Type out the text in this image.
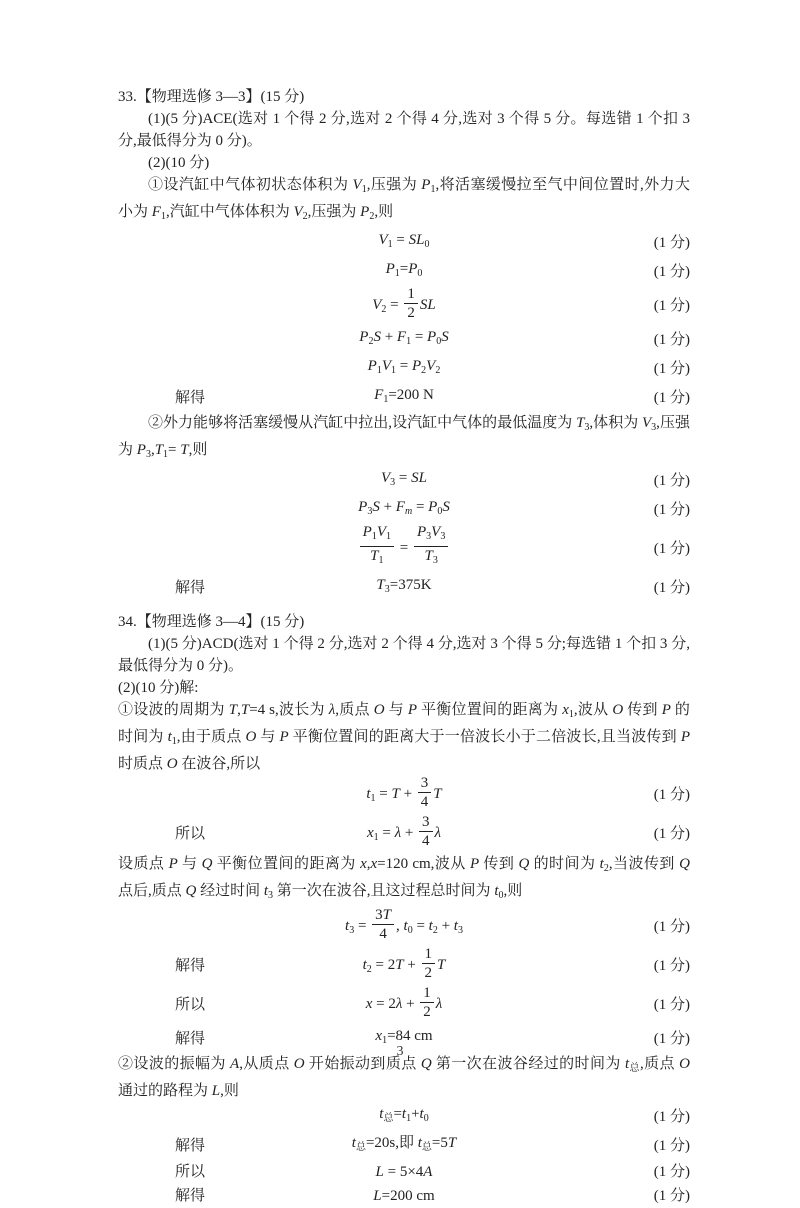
33.【物理选修 3—3】(15 分)
(1)(5 分)ACE(选对 1 个得 2 分,选对 2 个得 4 分,选对 3 个得 5 分。每选错 1 个扣 3 分,最低得分为 0 分)。
(2)(10 分)
①设汽缸中气体初状态体积为 $V_1$,压强为 $P_1$,将活塞缓慢拉至气中间位置时,外力大小为 $F_1$,汽缸中气体体积为 $V_2$,压强为 $P_2$,则
$V_1 = SL_0$	(1 分)
$P_1=P_0$	(1 分)
$V_2 = \frac{1}{2}$ SL	(1 分)
$P_2S + F_1 = P_0S$	(1 分)
$P_1V_1 = P_2V_2$	(1 分)
解得	$F_1=200$ N	(1 分)
②外力能够将活塞缓慢从汽缸中拉出,设汽缸中气体的最低温度为 $T_3$,体积为 $V_3$,压强为 $P_3,T_1= T$,则
$V_3$ = SL	(1 分)
$P_3S + F_m = P_0S$	(1 分)
$\frac{P_1V_1}{T_1} = \frac{P_3V_3}{T_3}$	(1 分)
解得	$T_3=375K$	(1 分)
34.【物理选修 3—4】(15 分)
(1)(5 分)ACD(选对 1 个得 2 分,选对 2 个得 4 分,选对 3 个得 5 分;每选错 1 个扣 3 分,最低得分为 0 分)。
(2)(10 分)解:
①设波的周期为 T,T=4 s,波长为 λ,质点 O 与 P 平衡位置间的距离为 $x_1$,波从 O 传到 P 的时间为 $t_1$,由于质点 O 与 P 平衡位置间的距离大于一倍波长小于二倍波长,且当波传到 P 时质点 O 在波谷,所以
$t_1 = T + \frac{3}{4}$ T	(1 分)
所以	$x_1 = \lambda + \frac{3}{4}$ λ	(1 分)
设质点 P 与 Q 平衡位置间的距离为 x,x=120 cm,波从 P 传到 Q 的时间为 $t_2$,当波传到 Q 点后,质点 Q 经过时间 $t_3$ 第一次在波谷,且这过程总时间为 $t_0$,则
$t_3 = \frac{3T}{4}$ , $t_0 = t_2 + t_3$	(1 分)
解得	$t_2 = 2T + \frac{1}{2}$ T	(1 分)
所以	$x = 2\lambda + \frac{1}{2}$ λ	(1 分)
解得	$x_1=84$ cm	(1 分)
②设波的振幅为 A,从质点 O 开始振动到质点 Q 第一次在波谷经过的时间为 $t_总$,质点 O 通过的路程为 L,则
$t_总=t_1+t_0$	(1 分)
解得	$t_总=20s$,即 $t_总=5T$	(1 分)
所以	L = 5×4A	(1 分)
解得	L=200 cm	(1 分)
3
